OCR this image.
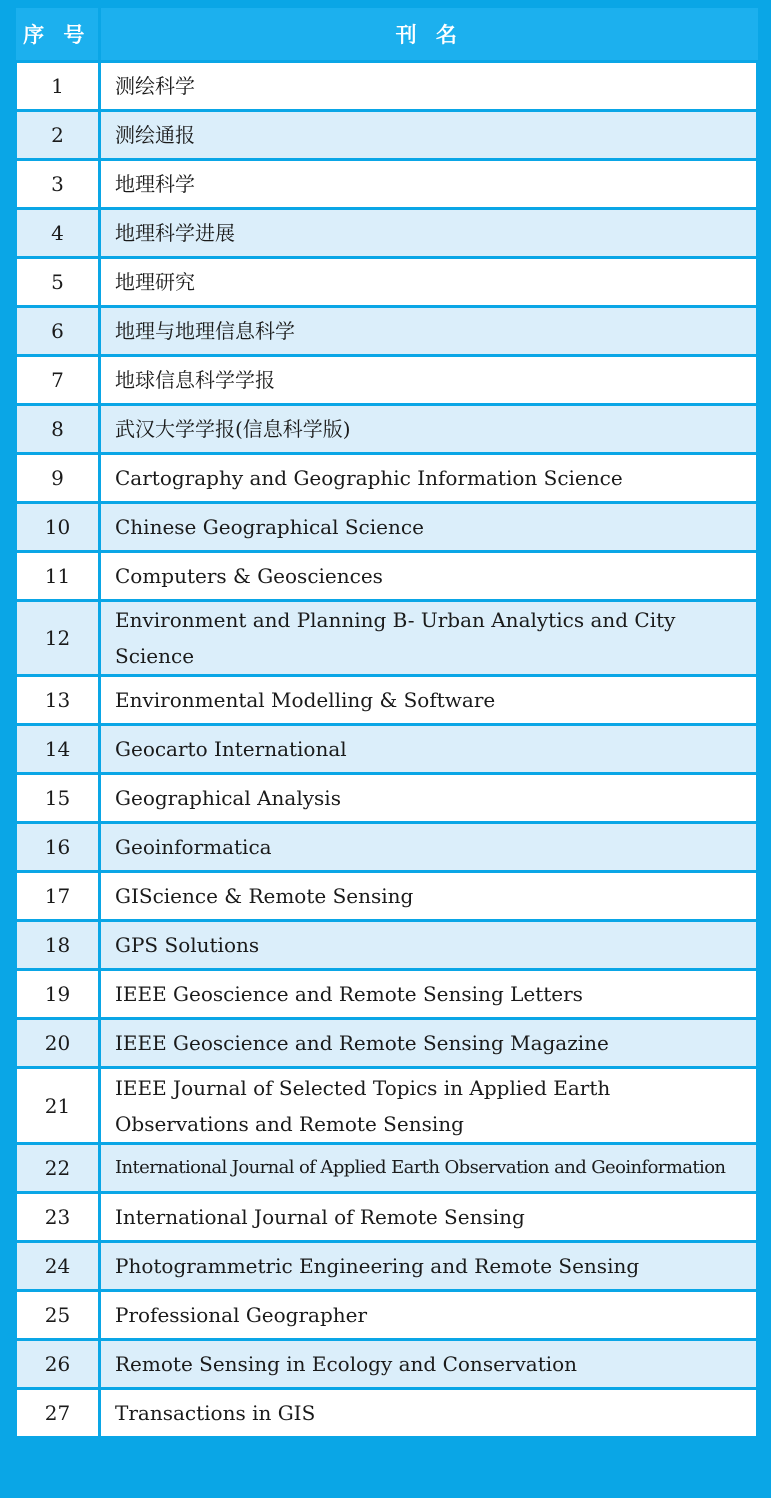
序 号	刊 名
1	测绘科学
2	测绘通报
3	地理科学
4	地理科学进展
5	地理研究
6	地理与地理信息科学
7	地球信息科学学报
8	武汉大学学报(信息科学版)
9	Cartography and Geographic Information Science
10	Chinese Geographical Science
11	Computers & Geosciences
12	Environment and Planning B- Urban Analytics and City Science
13	Environmental Modelling & Software
14	Geocarto International
15	Geographical Analysis
16	Geoinformatica
17	GIScience & Remote Sensing
18	GPS Solutions
19	IEEE Geoscience and Remote Sensing Letters
20	IEEE Geoscience and Remote Sensing Magazine
21	IEEE Journal of Selected Topics in Applied Earth Observations and Remote Sensing
22	International Journal of Applied Earth Observation and Geoinformation
23	International Journal of Remote Sensing
24	Photogrammetric Engineering and Remote Sensing
25	Professional Geographer
26	Remote Sensing in Ecology and Conservation
27	Transactions in GIS
